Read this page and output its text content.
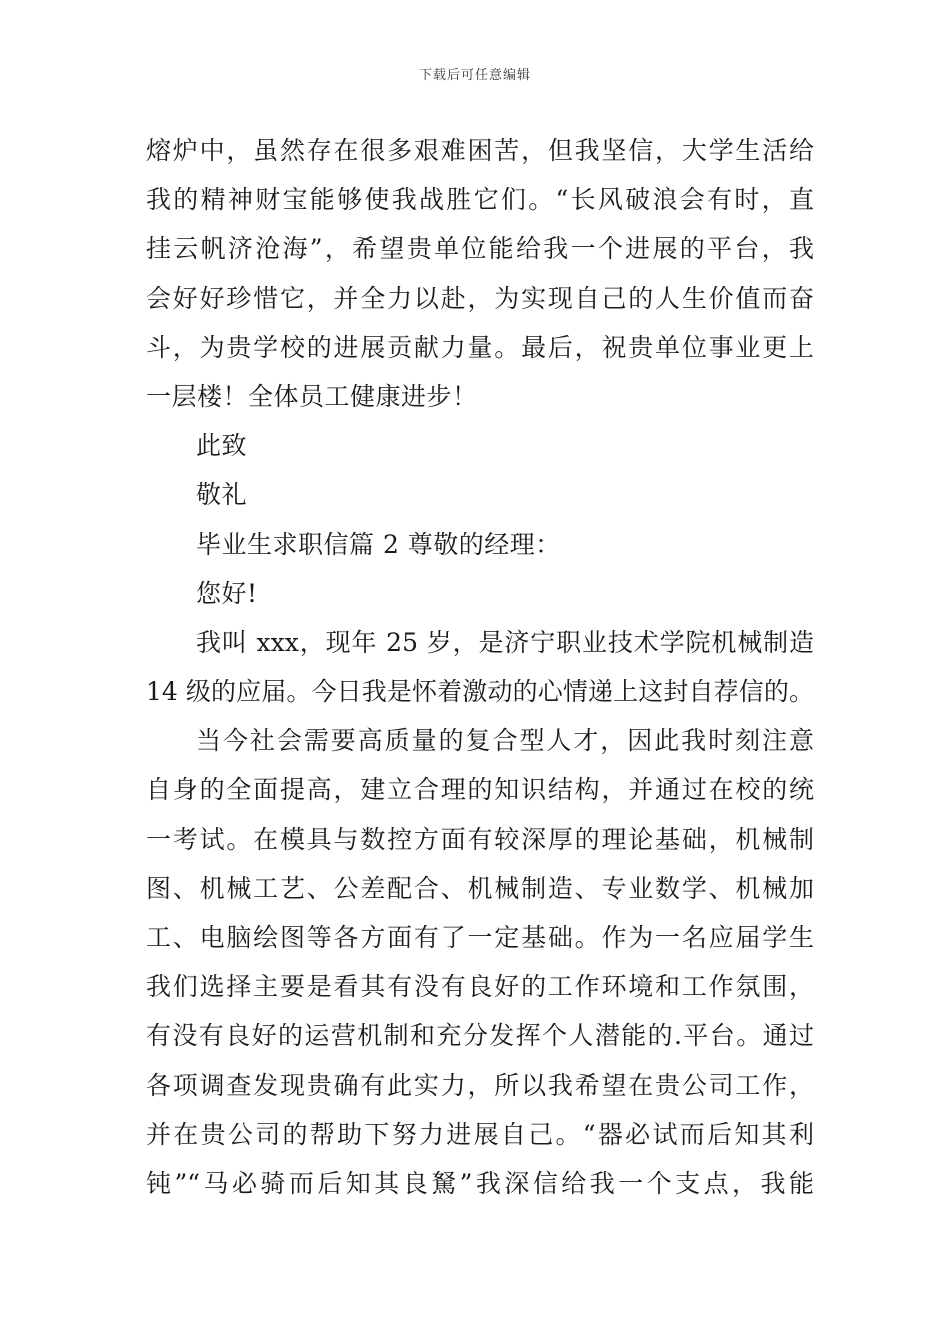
下载后可任意编辑
熔炉中，虽然存在很多艰难困苦，但我坚信，大学生活给
我的精神财宝能够使我战胜它们。“长风破浪会有时，直
挂云帆济沧海”，希望贵单位能给我一个进展的平台，我
会好好珍惜它，并全力以赴，为实现自己的人生价值而奋
斗，为贵学校的进展贡献力量。最后，祝贵单位事业更上
一层楼！全体员工健康进步！
此致
敬礼
毕业生求职信篇 2 尊敬的经理：
您好!
我叫 xxx，现年 25 岁，是济宁职业技术学院机械制造
14 级的应届。今日我是怀着激动的心情递上这封自荐信的。
当今社会需要高质量的复合型人才，因此我时刻注意
自身的全面提高，建立合理的知识结构，并通过在校的统
一考试。在模具与数控方面有较深厚的理论基础，机械制
图、机械工艺、公差配合、机械制造、专业数学、机械加
工、电脑绘图等各方面有了一定基础。作为一名应届学生
我们选择主要是看其有没有良好的工作环境和工作氛围，
有没有良好的运营机制和充分发挥个人潜能的.平台。通过
各项调查发现贵确有此实力，所以我希望在贵公司工作，
并在贵公司的帮助下努力进展自己。“器必试而后知其利
钝”“马必骑而后知其良駑”我深信给我一个支点，我能
